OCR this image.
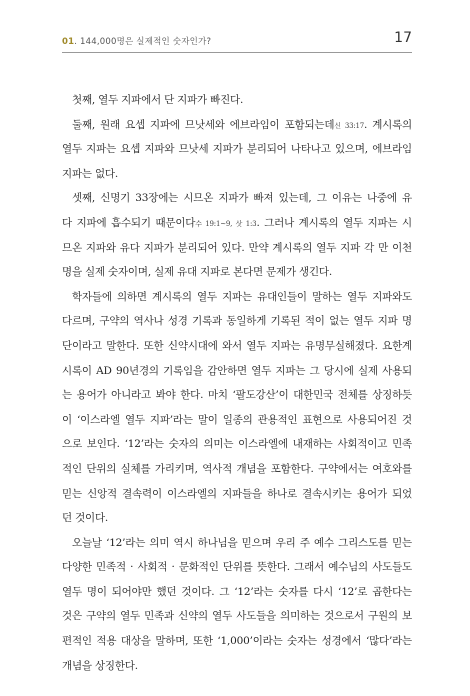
01. 144,000명은 실제적인 숫자인가?	17
첫째, 열두 지파에서 단 지파가 빠진다.
둘째, 원래 요셉 지파에 므낫세와 에브라임이 포함되는데신 33:17. 계시록의
열두 지파는 요셉 지파와 므낫세 지파가 분리되어 나타나고 있으며, 에브라임
지파는 없다.
셋째, 신명기 33장에는 시므온 지파가 빠져 있는데, 그 이유는 나중에 유
다 지파에 흡수되기 때문이다수 19:1~9, 삿 1:3. 그러나 계시록의 열두 지파는 시
므온 지파와 유다 지파가 분리되어 있다. 만약 계시록의 열두 지파 각 만 이천
명을 실제 숫자이며, 실제 유대 지파로 본다면 문제가 생긴다.
학자들에 의하면 계시록의 열두 지파는 유대인들이 말하는 열두 지파와도
다르며, 구약의 역사나 성경 기록과 동일하게 기록된 적이 없는 열두 지파 명
단이라고 말한다. 또한 신약시대에 와서 열두 지파는 유명무실해졌다. 요한계
시록이 AD 90년경의 기록임을 감안하면 열두 지파는 그 당시에 실제 사용되
는 용어가 아니라고 봐야 한다. 마치 ‘팔도강산’이 대한민국 전체를 상징하듯
이 ‘이스라엘 열두 지파’라는 말이 일종의 관용적인 표현으로 사용되어진 것
으로 보인다. ‘12’라는 숫자의 의미는 이스라엘에 내재하는 사회적이고 민족
적인 단위의 실체를 가리키며, 역사적 개념을 포함한다. 구약에서는 여호와를
믿는 신앙적 결속력이 이스라엘의 지파들을 하나로 결속시키는 용어가 되었
던 것이다.
오늘날 ‘12’라는 의미 역시 하나님을 믿으며 우리 주 예수 그리스도를 믿는
다양한 민족적 · 사회적 · 문화적인 단위를 뜻한다. 그래서 예수님의 사도들도
열두 명이 되어야만 했던 것이다. 그 ‘12’라는 숫자를 다시 ‘12’로 곱한다는
것은 구약의 열두 민족과 신약의 열두 사도들을 의미하는 것으로서 구원의 보
편적인 적용 대상을 말하며, 또한 ‘1,000’이라는 숫자는 성경에서 ‘많다’라는
개념을 상징한다.
